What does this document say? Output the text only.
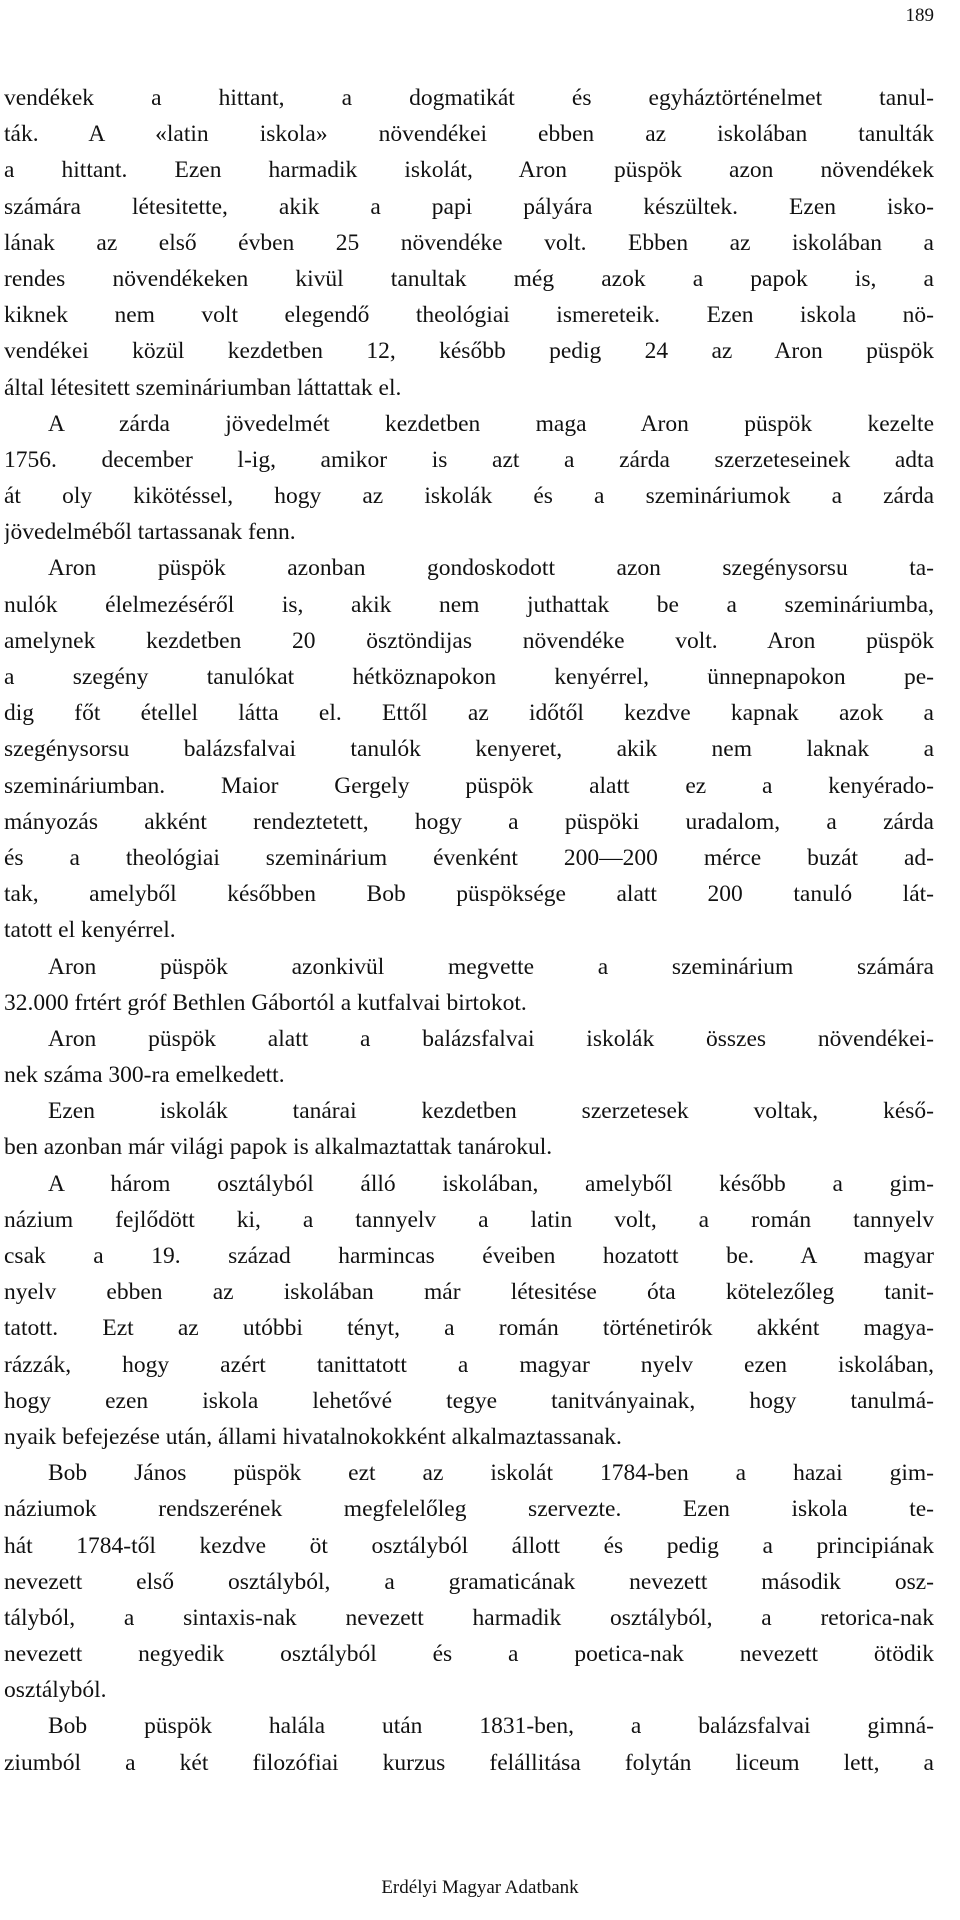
189
vendékek a hittant, a dogmatikát és egyháztörténelmet tanul-
ták. A «latin iskola» növendékei ebben az iskolában tanulták
a hittant. Ezen harmadik iskolát, Aron püspök azon növendékek
számára létesitette, akik a papi pályára készültek. Ezen isko-
lának az első évben 25 növendéke volt. Ebben az iskolában a
rendes növendékeken kivül tanultak még azok a papok is, a
kiknek nem volt elegendő theológiai ismereteik. Ezen iskola nö-
vendékei közül kezdetben 12, később pedig 24 az Aron püspök
által létesitett szemináriumban láttattak el.
A zárda jövedelmét kezdetben maga Aron püspök kezelte
1756. december l-ig, amikor is azt a zárda szerzeteseinek adta
át oly kikötéssel, hogy az iskolák és a szemináriumok a zárda
jövedelméből tartassanak fenn.
Aron püspök azonban gondoskodott azon szegénysorsu ta-
nulók élelmezéséről is, akik nem juthattak be a szemináriumba,
amelynek kezdetben 20 ösztöndijas növendéke volt. Aron püspök
a szegény tanulókat hétköznapokon kenyérrel, ünnepnapokon pe-
dig főt étellel látta el. Ettől az időtől kezdve kapnak azok a
szegénysorsu balázsfalvai tanulók kenyeret, akik nem laknak a
szemináriumban. Maior Gergely püspök alatt ez a kenyérado-
mányozás akként rendeztetett, hogy a püspöki uradalom, a zárda
és a theológiai szeminárium évenként 200—200 mérce buzát ad-
tak, amelyből későbben Bob püspöksége alatt 200 tanuló lát-
tatott el kenyérrel.
Aron püspök azonkivül megvette a szeminárium számára
32.000 frtért gróf Bethlen Gábortól a kutfalvai birtokot.
Aron püspök alatt a balázsfalvai iskolák összes növendékei-
nek száma 300-ra emelkedett.
Ezen iskolák tanárai kezdetben szerzetesek voltak, késő-
ben azonban már világi papok is alkalmaztattak tanárokul.
A három osztályból álló iskolában, amelyből később a gim-
názium fejlődött ki, a tannyelv a latin volt, a román tannyelv
csak a 19. század harmincas éveiben hozatott be. A magyar
nyelv ebben az iskolában már létesitése óta kötelezőleg tanit-
tatott. Ezt az utóbbi tényt, a román történetirók akként magya-
rázzák, hogy azért tanittatott a magyar nyelv ezen iskolában,
hogy ezen iskola lehetővé tegye tanitványainak, hogy tanulmá-
nyaik befejezése után, állami hivatalnokokként alkalmaztassanak.
Bob János püspök ezt az iskolát 1784-ben a hazai gim-
náziumok rendszerének megfelelőleg szervezte. Ezen iskola te-
hát 1784-től kezdve öt osztályból állott és pedig a principiának
nevezett első osztályból, a gramaticának nevezett második osz-
tályból, a sintaxis-nak nevezett harmadik osztályból, a retorica-nak
nevezett negyedik osztályból és a poetica-nak nevezett ötödik
osztályból.
Bob püspök halála után 1831-ben, a balázsfalvai gimná-
ziumból a két filozófiai kurzus felállitása folytán liceum lett, a
Erdélyi Magyar Adatbank
